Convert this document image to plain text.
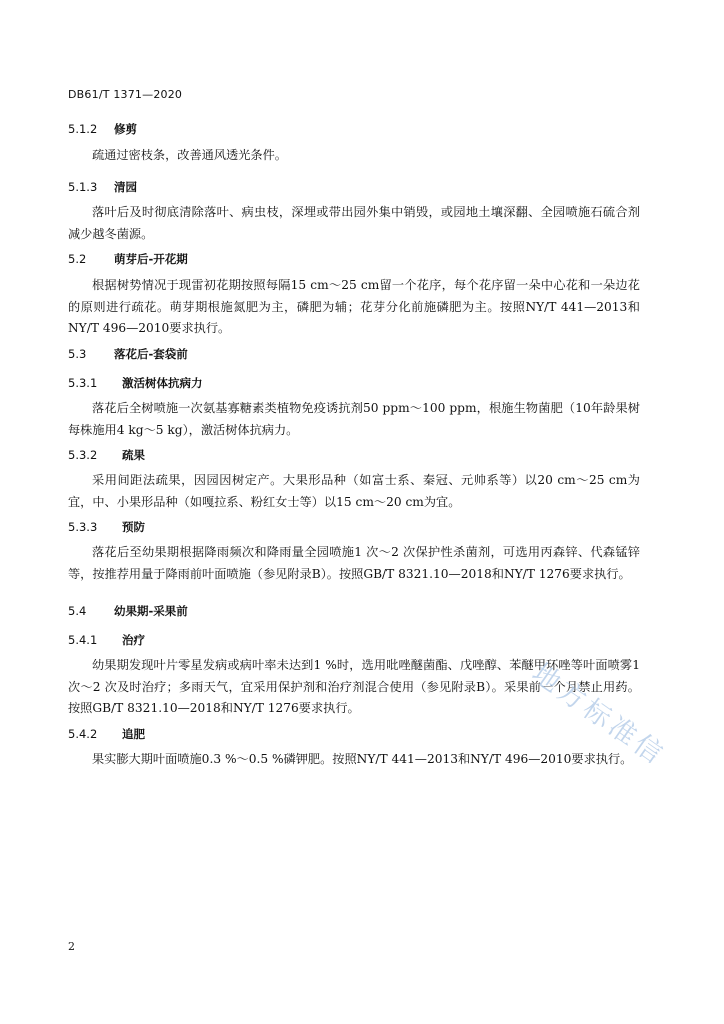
DB61/T 1371—2020
5.1.2 修剪
疏通过密枝条，改善通风透光条件。
5.1.3 清园
落叶后及时彻底清除落叶、病虫枝，深埋或带出园外集中销毁，或园地土壤深翻、全园喷施石硫合剂减少越冬菌源。
5.2 萌芽后-开花期
根据树势情况于现雷初花期按照每隔15 cm～25 cm留一个花序，每个花序留一朵中心花和一朵边花的原则进行疏花。萌芽期根施氮肥为主，磷肥为辅；花芽分化前施磷肥为主。按照NY/T 441—2013和NY/T 496—2010要求执行。
5.3 落花后-套袋前
5.3.1 激活树体抗病力
落花后全树喷施一次氨基寡糖素类植物免疫诱抗剂50 ppm～100 ppm，根施生物菌肥（10年龄果树每株施用4 kg～5 kg），激活树体抗病力。
5.3.2 疏果
采用间距法疏果，因园因树定产。大果形品种（如富士系、秦冠、元帅系等）以20 cm～25 cm为宜，中、小果形品种（如嘎拉系、粉红女士等）以15 cm～20 cm为宜。
5.3.3 预防
落花后至幼果期根据降雨频次和降雨量全园喷施1 次～2 次保护性杀菌剂，可选用丙森锌、代森锰锌等，按推荐用量于降雨前叶面喷施（参见附录B）。按照GB/T 8321.10—2018和NY/T 1276要求执行。
5.4 幼果期-采果前
5.4.1 治疗
幼果期发现叶片零星发病或病叶率未达到1 %时，选用吡唑醚菌酯、戊唑醇、苯醚甲环唑等叶面喷雾1 次～2 次及时治疗；多雨天气，宜采用保护剂和治疗剂混合使用（参见附录B）。采果前一个月禁止用药。按照GB/T 8321.10—2018和NY/T 1276要求执行。
5.4.2 追肥
果实膨大期叶面喷施0.3 %～0.5 %磷钾肥。按照NY/T 441—2013和NY/T 496—2010要求执行。
地方标准信
2
